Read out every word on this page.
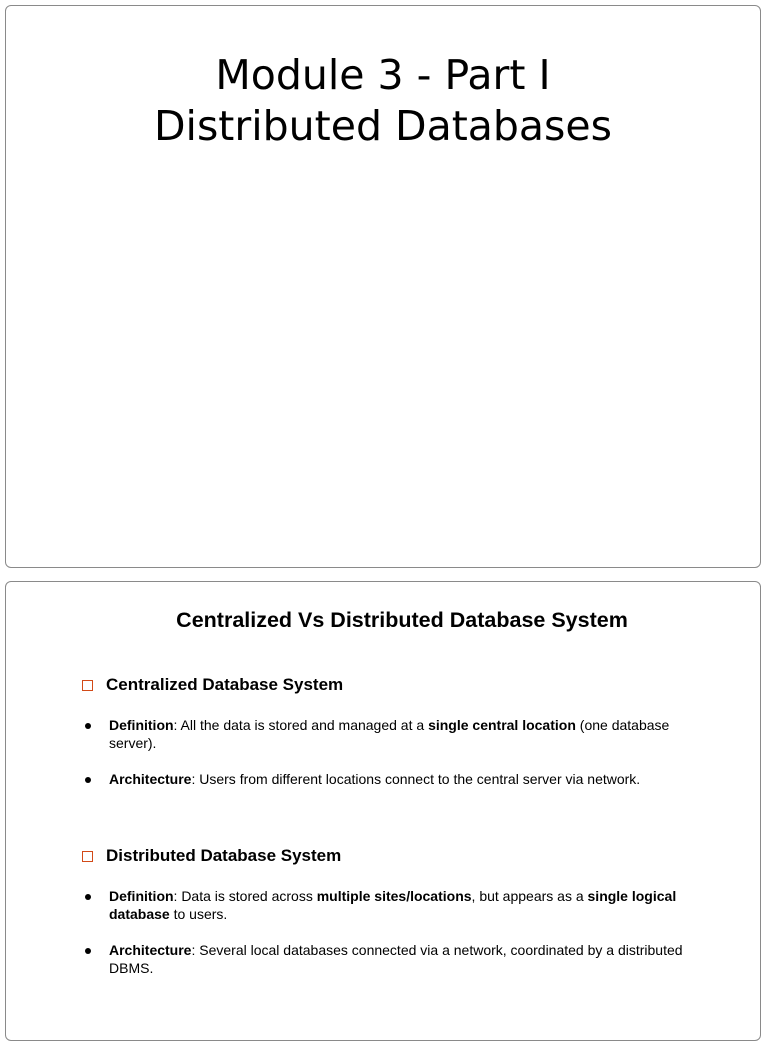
Module 3 - Part I
Distributed Databases
Centralized Vs Distributed Database System
Centralized Database System
Definition: All the data is stored and managed at a single central location (one database server).
Architecture: Users from different locations connect to the central server via network.
Distributed Database System
Definition: Data is stored across multiple sites/locations, but appears as a single logical database to users.
Architecture: Several local databases connected via a network, coordinated by a distributed DBMS.
